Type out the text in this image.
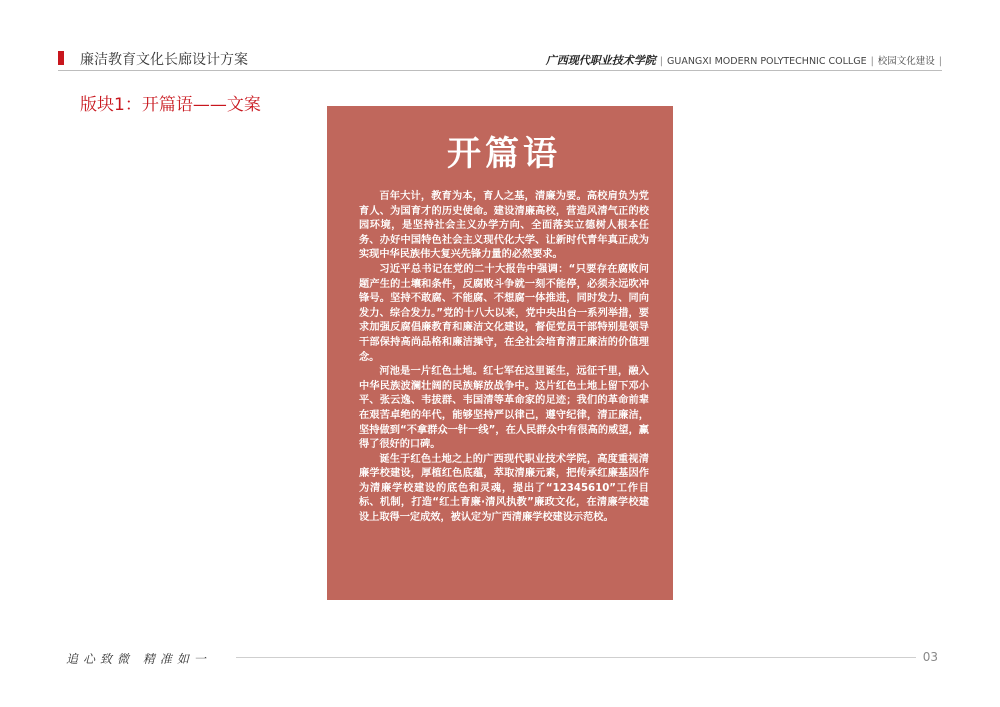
廉洁教育文化长廊设计方案	广西现代职业技术学院 | GUANGXI MODERN POLYTECHNIC COLLGE | 校园文化建设 |
版块1：开篇语——文案
开篇语

百年大计，教育为本，育人之基，清廉为要。高校肩负为党育人、为国育才的历史使命。建设清廉高校，营造风清气正的校园环境，是坚持社会主义办学方向、全面落实立德树人根本任务、办好中国特色社会主义现代化大学、让新时代青年真正成为实现中华民族伟大复兴先锋力量的必然要求。

习近平总书记在党的二十大报告中强调：“只要存在腐败问题产生的土壤和条件，反腐败斗争就一刻不能停，必须永远吹冲锋号。坚持不敢腐、不能腐、不想腐一体推进，同时发力、同向发力、综合发力。”党的十八大以来，党中央出台一系列举措，要求加强反腐倡廉教育和廉洁文化建设，督促党员干部特别是领导干部保持高尚品格和廉洁操守，在全社会培育清正廉洁的价值理念。

河池是一片红色土地。红七军在这里诞生，远征千里，融入中华民族波澜壮阔的民族解放战争中。这片红色土地上留下邓小平、张云逸、韦拔群、韦国清等革命家的足迹；我们的革命前辈在艰苦卓绝的年代，能够坚持严以律己，遵守纪律，清正廉洁，坚持做到“不拿群众一针一线”，在人民群众中有很高的威望，赢得了很好的口碑。

诞生于红色土地之上的广西现代职业技术学院，高度重视清廉学校建设，厚植红色底蕴，萃取清廉元素，把传承红廉基因作为清廉学校建设的底色和灵魂，提出了“12345610”工作目标、机制，打造“红土育廉·清风执教”廉政文化，在清廉学校建设上取得一定成效，被认定为广西清廉学校建设示范校。

追心致微 精准如一	03
